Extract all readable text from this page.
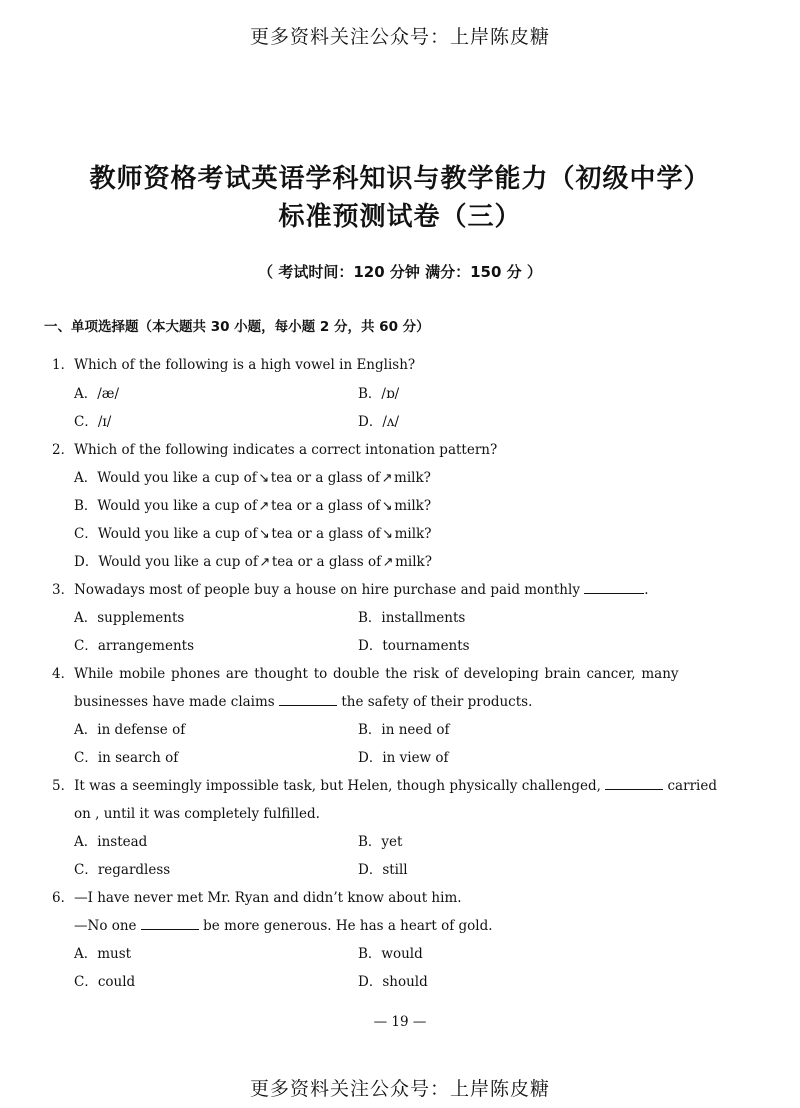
更多资料关注公众号：上岸陈皮糖
教师资格考试英语学科知识与教学能力（初级中学）
标准预测试卷（三）
（ 考试时间：120 分钟 满分：150 分 ）
一、单项选择题（本大题共 30 小题，每小题 2 分，共 60 分）
1．Which of the following is a high vowel in English?
A．/æ/	B．/ɒ/
C．/ɪ/	D．/ʌ/
2．Which of the following indicates a correct intonation pattern?
A．Would you like a cup of ↘ tea or a glass of ↗ milk?
B．Would you like a cup of ↗ tea or a glass of ↘ milk?
C．Would you like a cup of ↘ tea or a glass of ↘ milk?
D．Would you like a cup of ↗ tea or a glass of ↗ milk?
3．Nowadays most of people buy a house on hire purchase and paid monthly	.
A．supplements	B．installments
C．arrangements	D．tournaments
4．While mobile phones are thought to double the risk of developing brain cancer, many
businesses have made claims	the safety of their products.
A．in defense of	B．in need of
C．in search of	D．in view of
5．It was a seemingly impossible task, but Helen, though physically challenged,	carried
on , until it was completely fulfilled.
A．instead	B．yet
C．regardless	D．still
6．—I have never met Mr. Ryan and didn’t know about him.
—No one	be more generous. He has a heart of gold.
A．must	B．would
C．could	D．should
— 19 —
更多资料关注公众号：上岸陈皮糖
